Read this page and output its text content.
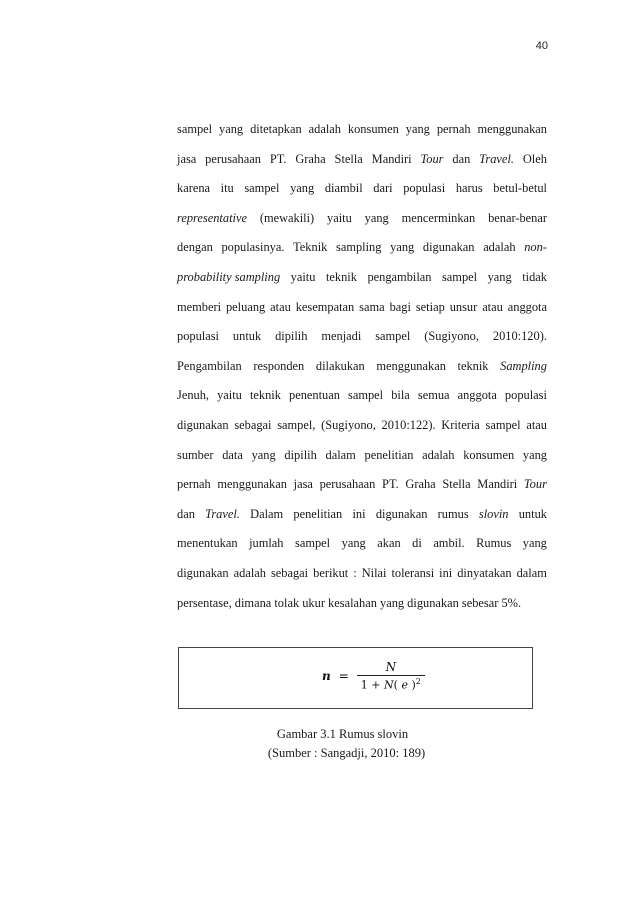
40
sampel yang ditetapkan adalah konsumen yang pernah menggunakan
jasa perusahaan PT. Graha Stella Mandiri Tour dan Travel. Oleh
karena itu sampel yang diambil dari populasi harus betul-betul
representative (mewakili) yaitu yang mencerminkan benar-benar
dengan populasinya. Teknik sampling yang digunakan adalah non-
probability sampling yaitu teknik pengambilan sampel yang tidak
memberi peluang atau kesempatan sama bagi setiap unsur atau anggota
populasi untuk dipilih menjadi sampel (Sugiyono, 2010:120).
Pengambilan responden dilakukan menggunakan teknik Sampling
Jenuh, yaitu teknik penentuan sampel bila semua anggota populasi
digunakan sebagai sampel, (Sugiyono, 2010:122). Kriteria sampel atau
sumber data yang dipilih dalam penelitian adalah konsumen yang
pernah menggunakan jasa perusahaan PT. Graha Stella Mandiri Tour
dan Travel. Dalam penelitian ini digunakan rumus slovin untuk
menentukan jumlah sampel yang akan di ambil. Rumus yang
digunakan adalah sebagai berikut : Nilai toleransi ini dinyatakan dalam
persentase, dimana tolak ukur kesalahan yang digunakan sebesar 5%.
$n = \frac{N}{1 + N( e )^2}$
Gambar 3.1 Rumus slovin
(Sumber : Sangadji, 2010: 189)
